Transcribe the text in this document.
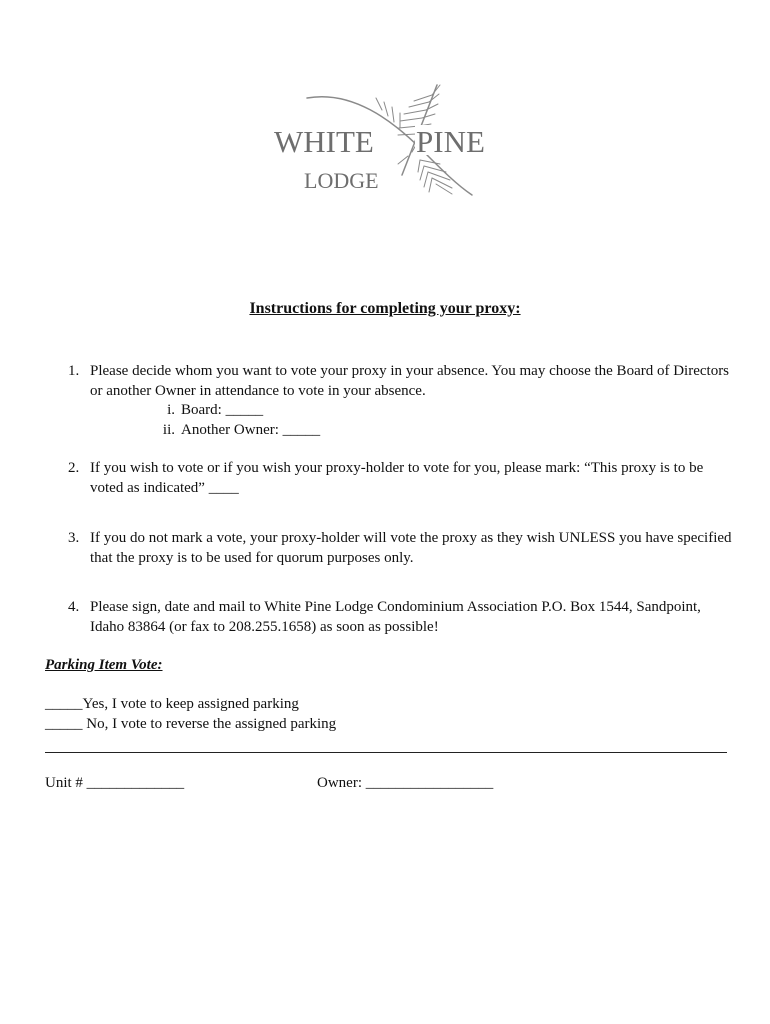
WHITE PINE
LODGE
Instructions for completing your proxy:
1. Please decide whom you want to vote your proxy in your absence. You may choose the Board of Directors or another Owner in attendance to vote in your absence.
i. Board: _____
ii. Another Owner: _____
2. If you wish to vote or if you wish your proxy-holder to vote for you, please mark: “This proxy is to be voted as indicated” ____
3. If you do not mark a vote, your proxy-holder will vote the proxy as they wish UNLESS you have specified that the proxy is to be used for quorum purposes only.
4. Please sign, date and mail to White Pine Lodge Condominium Association P.O. Box 1544, Sandpoint, Idaho 83864 (or fax to 208.255.1658) as soon as possible!
Parking Item Vote:
_____Yes, I vote to keep assigned parking
_____ No, I vote to reverse the assigned parking
Unit # _____________	Owner: _________________
